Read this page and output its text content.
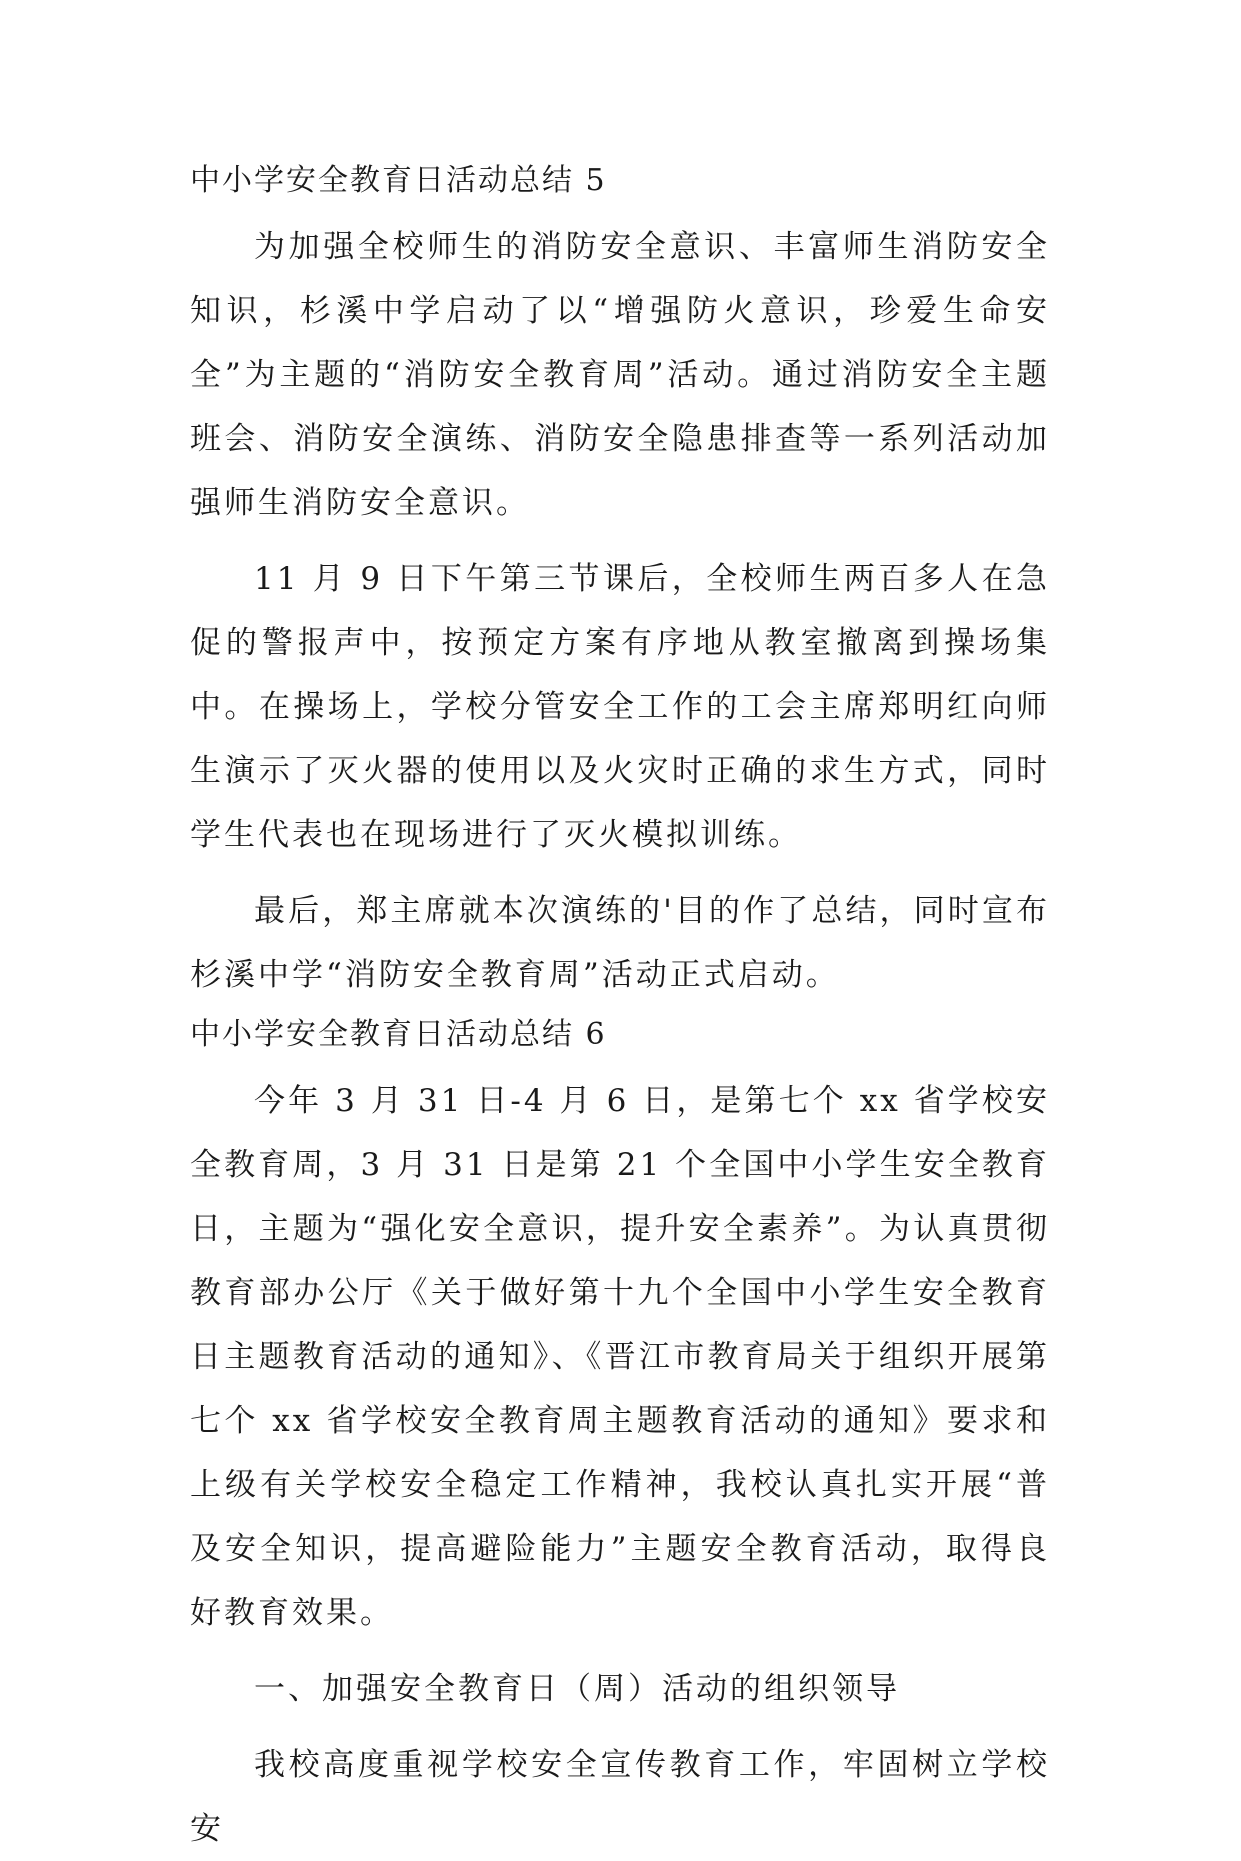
中小学安全教育日活动总结 5

为加强全校师生的消防安全意识、丰富师生消防安全知识，杉溪中学启动了以“增强防火意识，珍爱生命安全”为主题的“消防安全教育周”活动。通过消防安全主题班会、消防安全演练、消防安全隐患排查等一系列活动加强师生消防安全意识。

11 月 9 日下午第三节课后，全校师生两百多人在急促的警报声中，按预定方案有序地从教室撤离到操场集中。在操场上，学校分管安全工作的工会主席郑明红向师生演示了灭火器的使用以及火灾时正确的求生方式，同时学生代表也在现场进行了灭火模拟训练。

最后，郑主席就本次演练的'目的作了总结，同时宣布杉溪中学“消防安全教育周”活动正式启动。

中小学安全教育日活动总结 6

今年 3 月 31 日-4 月 6 日，是第七个 xx 省学校安全教育周，3 月 31 日是第 21 个全国中小学生安全教育日，主题为“强化安全意识，提升安全素养”。为认真贯彻教育部办公厅《关于做好第十九个全国中小学生安全教育日主题教育活动的通知》、《晋江市教育局关于组织开展第七个 xx 省学校安全教育周主题教育活动的通知》要求和上级有关学校安全稳定工作精神，我校认真扎实开展“普及安全知识，提高避险能力”主题安全教育活动，取得良好教育效果。

一、加强安全教育日（周）活动的组织领导

我校高度重视学校安全宣传教育工作，牢固树立学校安
